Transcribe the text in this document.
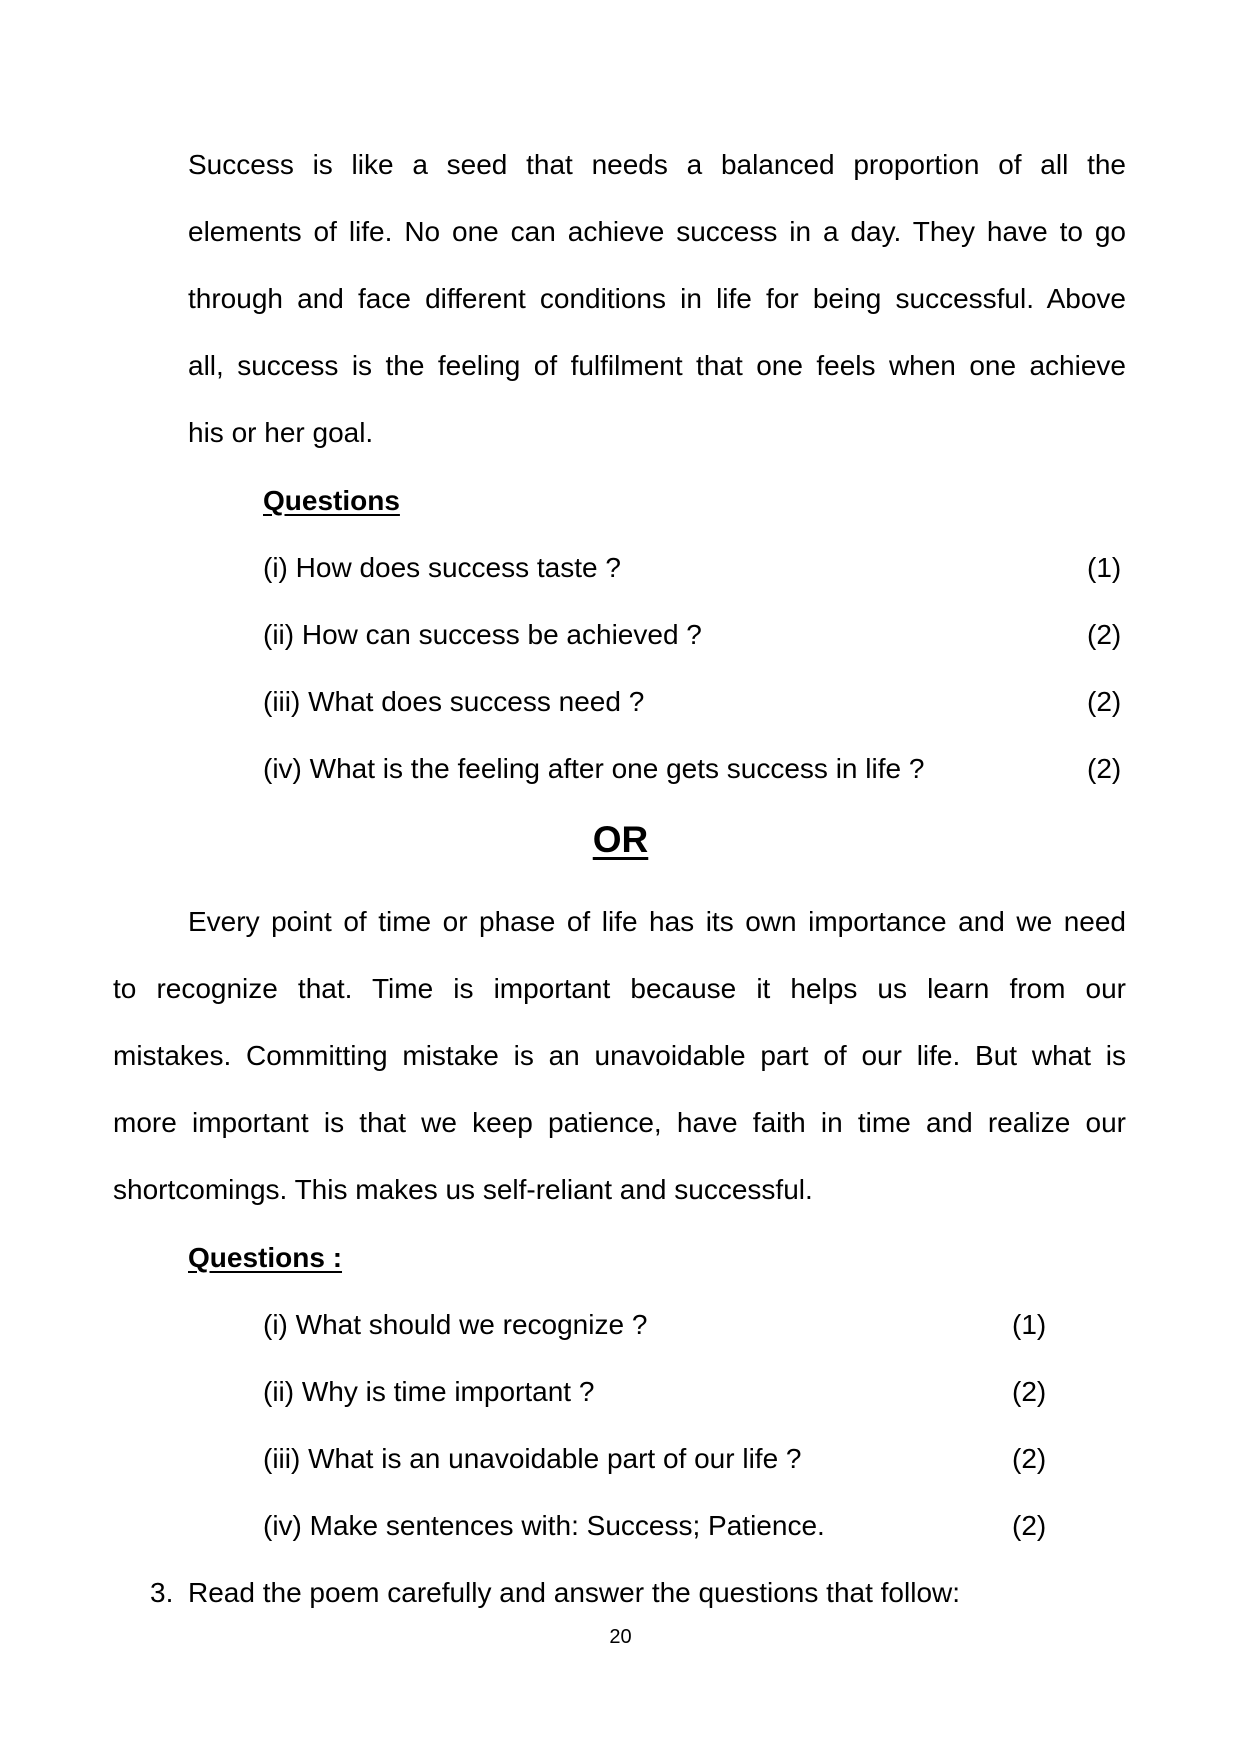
Success is like a seed that needs a balanced proportion of all the
elements of life. No one can achieve success in a day. They have to go
through and face different conditions in life for being successful. Above
all, success is the feeling of fulfilment that one feels when one achieve
his or her goal.
Questions
(i) How does success taste ?	(1)
(ii) How can success be achieved ?	(2)
(iii) What does success need ?	(2)
(iv) What is the feeling after one gets success in life ?	(2)
OR
Every point of time or phase of life has its own importance and we need
to recognize that. Time is important because it helps us learn from our
mistakes. Committing mistake is an unavoidable part of our life. But what is
more important is that we keep patience, have faith in time and realize our
shortcomings. This makes us self-reliant and successful.
Questions :
(i) What should we recognize ?	(1)
(ii) Why is time important ?	(2)
(iii) What is an unavoidable part of our life ?	(2)
(iv) Make sentences with: Success; Patience.	(2)
3. Read the poem carefully and answer the questions that follow:
20
